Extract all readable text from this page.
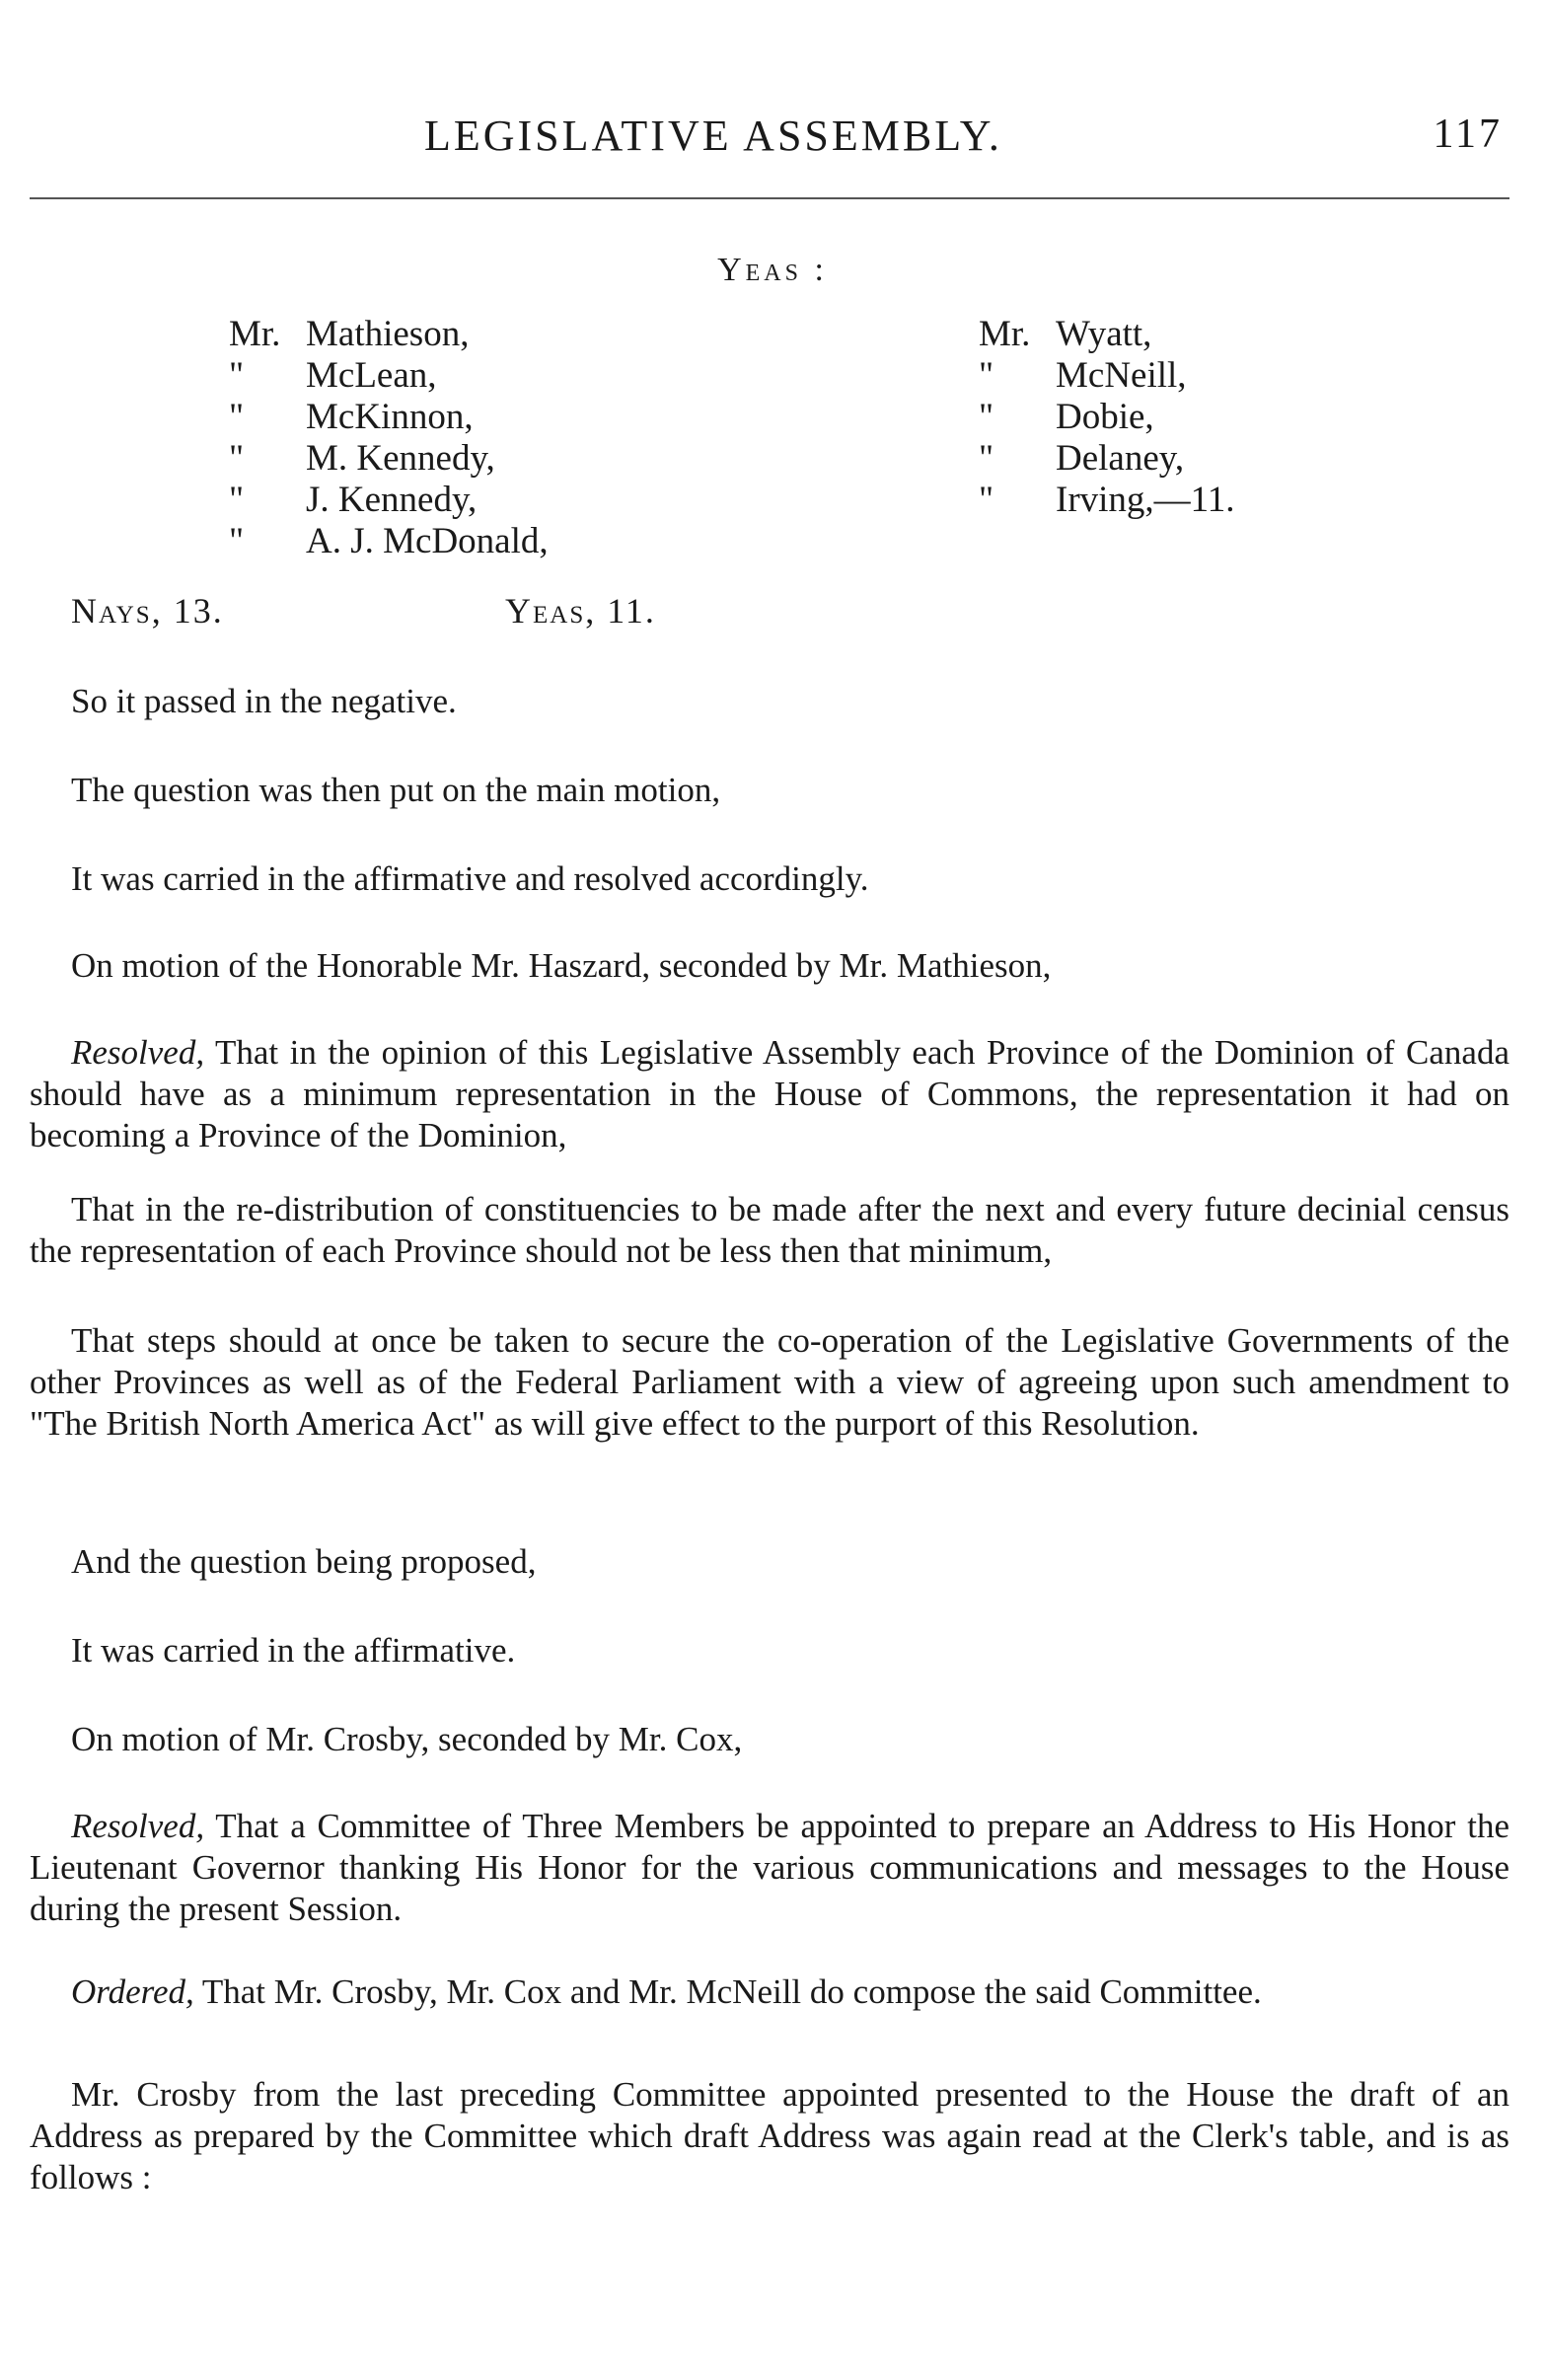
LEGISLATIVE ASSEMBLY.	117
Yeas :
Mr. Mathieson,
" McLean,
" McKinnon,
" M. Kennedy,
" J. Kennedy,
" A. J. McDonald,
Mr. Wyatt,
" McNeill,
" Dobie,
" Delaney,
" Irving,—11.
Nays, 13.	Yeas, 11.

So it passed in the negative.

The question was then put on the main motion,

It was carried in the affirmative and resolved accordingly.

On motion of the Honorable Mr. Haszard, seconded by Mr. Mathieson,

Resolved, That in the opinion of this Legislative Assembly each Province of the Dominion of Canada should have as a minimum representation in the House of Commons, the representation it had on becoming a Province of the Dominion,

That in the re-distribution of constituencies to be made after the next and every future decinial census the representation of each Province should not be less then that minimum,

That steps should at once be taken to secure the co-operation of the Legislative Governments of the other Provinces as well as of the Federal Parliament with a view of agreeing upon such amendment to "The British North America Act" as will give effect to the purport of this Resolution.

And the question being proposed,

It was carried in the affirmative.

On motion of Mr. Crosby, seconded by Mr. Cox,

Resolved, That a Committee of Three Members be appointed to prepare an Address to His Honor the Lieutenant Governor thanking His Honor for the various communications and messages to the House during the present Session.

Ordered, That Mr. Crosby, Mr. Cox and Mr. McNeill do compose the said Committee.

Mr. Crosby from the last preceding Committee appointed presented to the House the draft of an Address as prepared by the Committee which draft Address was again read at the Clerk's table, and is as follows :
